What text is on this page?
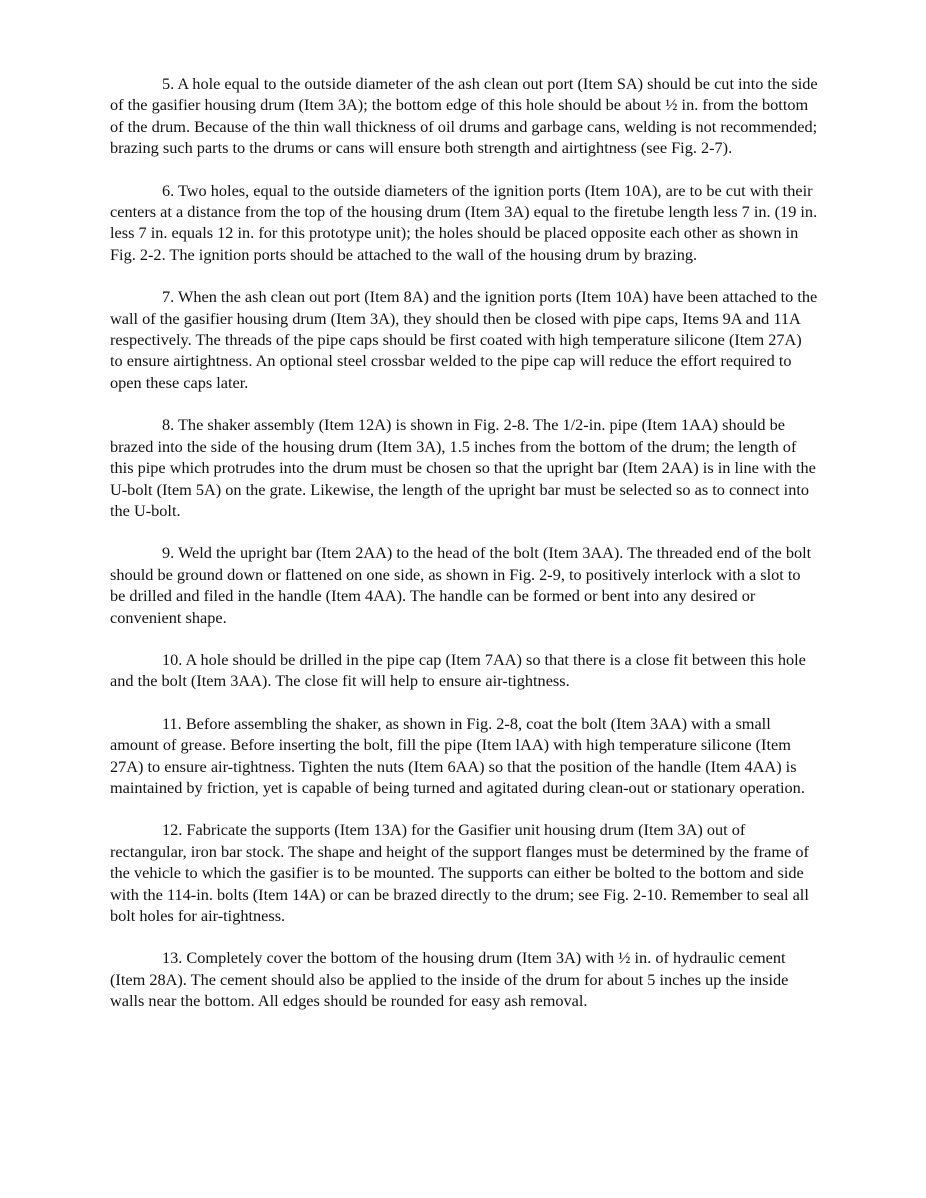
5. A hole equal to the outside diameter of the ash clean out port (Item SA) should be cut into the side of the gasifier housing drum (Item 3A); the bottom edge of this hole should be about ½ in. from the bottom of the drum. Because of the thin wall thickness of oil drums and garbage cans, welding is not recommended; brazing such parts to the drums or cans will ensure both strength and airtightness (see Fig. 2-7).

6. Two holes, equal to the outside diameters of the ignition ports (Item 10A), are to be cut with their centers at a distance from the top of the housing drum (Item 3A) equal to the firetube length less 7 in. (19 in. less 7 in. equals 12 in. for this prototype unit); the holes should be placed opposite each other as shown in Fig. 2-2. The ignition ports should be attached to the wall of the housing drum by brazing.

7. When the ash clean out port (Item 8A) and the ignition ports (Item 10A) have been attached to the wall of the gasifier housing drum (Item 3A), they should then be closed with pipe caps, Items 9A and 11A respectively. The threads of the pipe caps should be first coated with high temperature silicone (Item 27A) to ensure airtightness. An optional steel crossbar welded to the pipe cap will reduce the effort required to open these caps later.

8. The shaker assembly (Item 12A) is shown in Fig. 2-8. The 1/2-in. pipe (Item 1AA) should be brazed into the side of the housing drum (Item 3A), 1.5 inches from the bottom of the drum; the length of this pipe which protrudes into the drum must be chosen so that the upright bar (Item 2AA) is in line with the U-bolt (Item 5A) on the grate. Likewise, the length of the upright bar must be selected so as to connect into the U-bolt.

9. Weld the upright bar (Item 2AA) to the head of the bolt (Item 3AA). The threaded end of the bolt should be ground down or flattened on one side, as shown in Fig. 2-9, to positively interlock with a slot to be drilled and filed in the handle (Item 4AA). The handle can be formed or bent into any desired or convenient shape.

10. A hole should be drilled in the pipe cap (Item 7AA) so that there is a close fit between this hole and the bolt (Item 3AA). The close fit will help to ensure air-tightness.

11. Before assembling the shaker, as shown in Fig. 2-8, coat the bolt (Item 3AA) with a small amount of grease. Before inserting the bolt, fill the pipe (Item lAA) with high temperature silicone (Item 27A) to ensure air-tightness. Tighten the nuts (Item 6AA) so that the position of the handle (Item 4AA) is maintained by friction, yet is capable of being turned and agitated during clean-out or stationary operation.

12. Fabricate the supports (Item 13A) for the Gasifier unit housing drum (Item 3A) out of rectangular, iron bar stock. The shape and height of the support flanges must be determined by the frame of the vehicle to which the gasifier is to be mounted. The supports can either be bolted to the bottom and side with the 114-in. bolts (Item 14A) or can be brazed directly to the drum; see Fig. 2-10. Remember to seal all bolt holes for air-tightness.

13. Completely cover the bottom of the housing drum (Item 3A) with ½ in. of hydraulic cement (Item 28A). The cement should also be applied to the inside of the drum for about 5 inches up the inside walls near the bottom. All edges should be rounded for easy ash removal.
